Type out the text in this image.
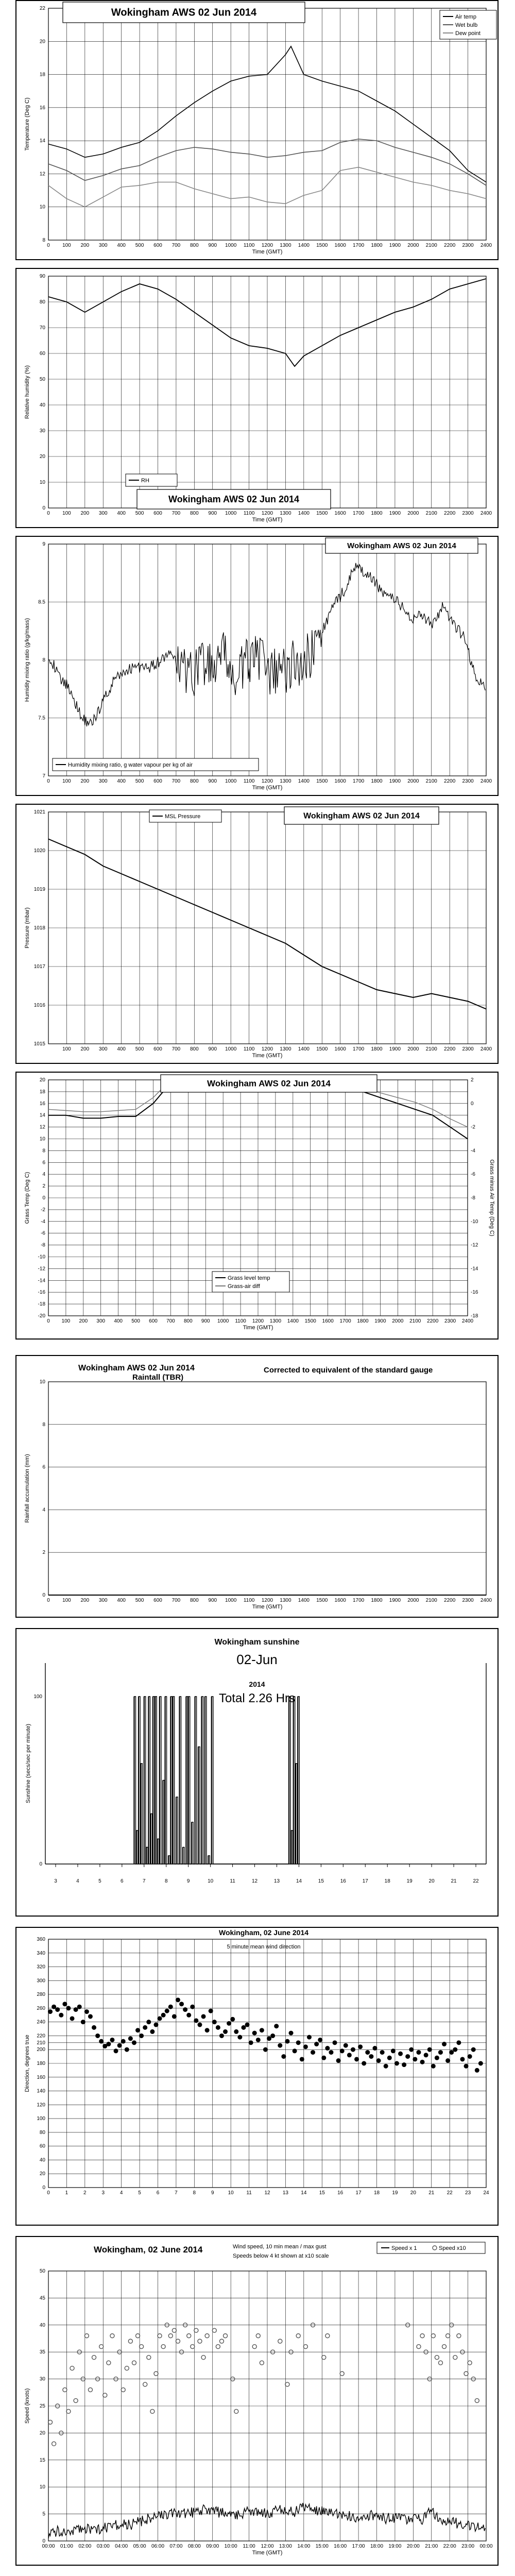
0 100 200 300 400 500 600 700 800 900 1000 1100 1200 1300 1400 1500 1600 1700 1800 1900 2000 2100 2200 2300 2400
8
10
12
14
16
18
20
22
Time (GMT)
Temperature (Deg C)
Wokingham AWS 02 Jun 2014	Air temp
Wet bulb
Dew point
0 100 200 300 400 500 600 700 800 900 1000 1100 1200 1300 1400 1500 1600 1700 1800 1900 2000 2100 2200 2300 2400
0
10
20
30
40
50
60
70
80
90
Time (GMT)
Relative humidity (%)
RH
Wokingham AWS 02 Jun 2014
0 100 200 300 400 500 600 700 800 900 1000 1100 1200 1300 1400 1500 1600 1700 1800 1900 2000 2100 2200 2300 2400
7
7.5
8
8.5
9
Time (GMT)
Humidity mixing ratio (g/kg/mass)
Wokingham AWS 02 Jun 2014
Humidity mixing ratio, g water vapour per kg of air
100 200 300 400 500 600 700 800 900 1000 1100 1200 1300 1400 1500 1600 1700 1800 1900 2000 2100 2200 2300 2400
1015
1016
1017
1018
1019
1020
1021
Time (GMT)
Pressure (mbar)
MSL Pressure	Wokingham AWS 02 Jun 2014
0 100 200 300 400 500 600 700 800 900 1000 1100 1200 1300 1400 1500 1600 1700 1800 1900 2000 2100 2200 2300 2400
-20
-18
-16
-14
-12
-10
-8
-6
-4
-2
0
2
4
6
8
10
12
14
16
18
20
Time (GMT)
Grass Temp (Deg C)
-18
-16
-14
-12
-10
-8
-6
-4
-2
0
2
Grass minus Air Temp (Deg C)
Wokingham AWS 02 Jun 2014
Grass level temp
Grass-air diff
0 100 200 300 400 500 600 700 800 900 1000 1100 1200 1300 1400 1500 1600 1700 1800 1900 2000 2100 2200 2300 2400
0
2
4
6
8
10
Time (GMT)
Rainfall accumulation (mm)
Wokingham AWS 02 Jun 2014
Raintall (TBR)
Corrected to equivalent of the standard gauge
3	4	5	6	7	8	9	10	11	12	13	14	15	16	17	18	19	20	21	22
0
100
Sunshine (secs/sec per minute)
Wokingham sunshine
02-Jun
2014
Total 2.26 Hrs
0	1	2	3	4	5	6	7	8	9	10 11 12 13 14 15 16 17 18 19 20 21 22 23 24
0
20
40
60
80
100
120
140
160
180
200
210
220
240
260
280
300
320
340
360
Direction, degrees true
Wokingham, 02 June 2014
5 minute mean wind direction
00:00 01:00 02:00 03:00 04:00 05:00 06:00 07:00 08:00 09:00 10:00 11:00 12:00 13:00 14:00 15:00 16:00 17:00 18:00 19:00 20:00 21:00 22:00 23:00 00:00
0
5
10
15
20
25
30
35
40
45
50
Time (GMT)
Speed (knots)
Wokingham, 02 June 2014	Wind speed, 10 min mean / max gust
Speeds below 4 kt shown at x10 scale
Speed x 1	Speed x10
